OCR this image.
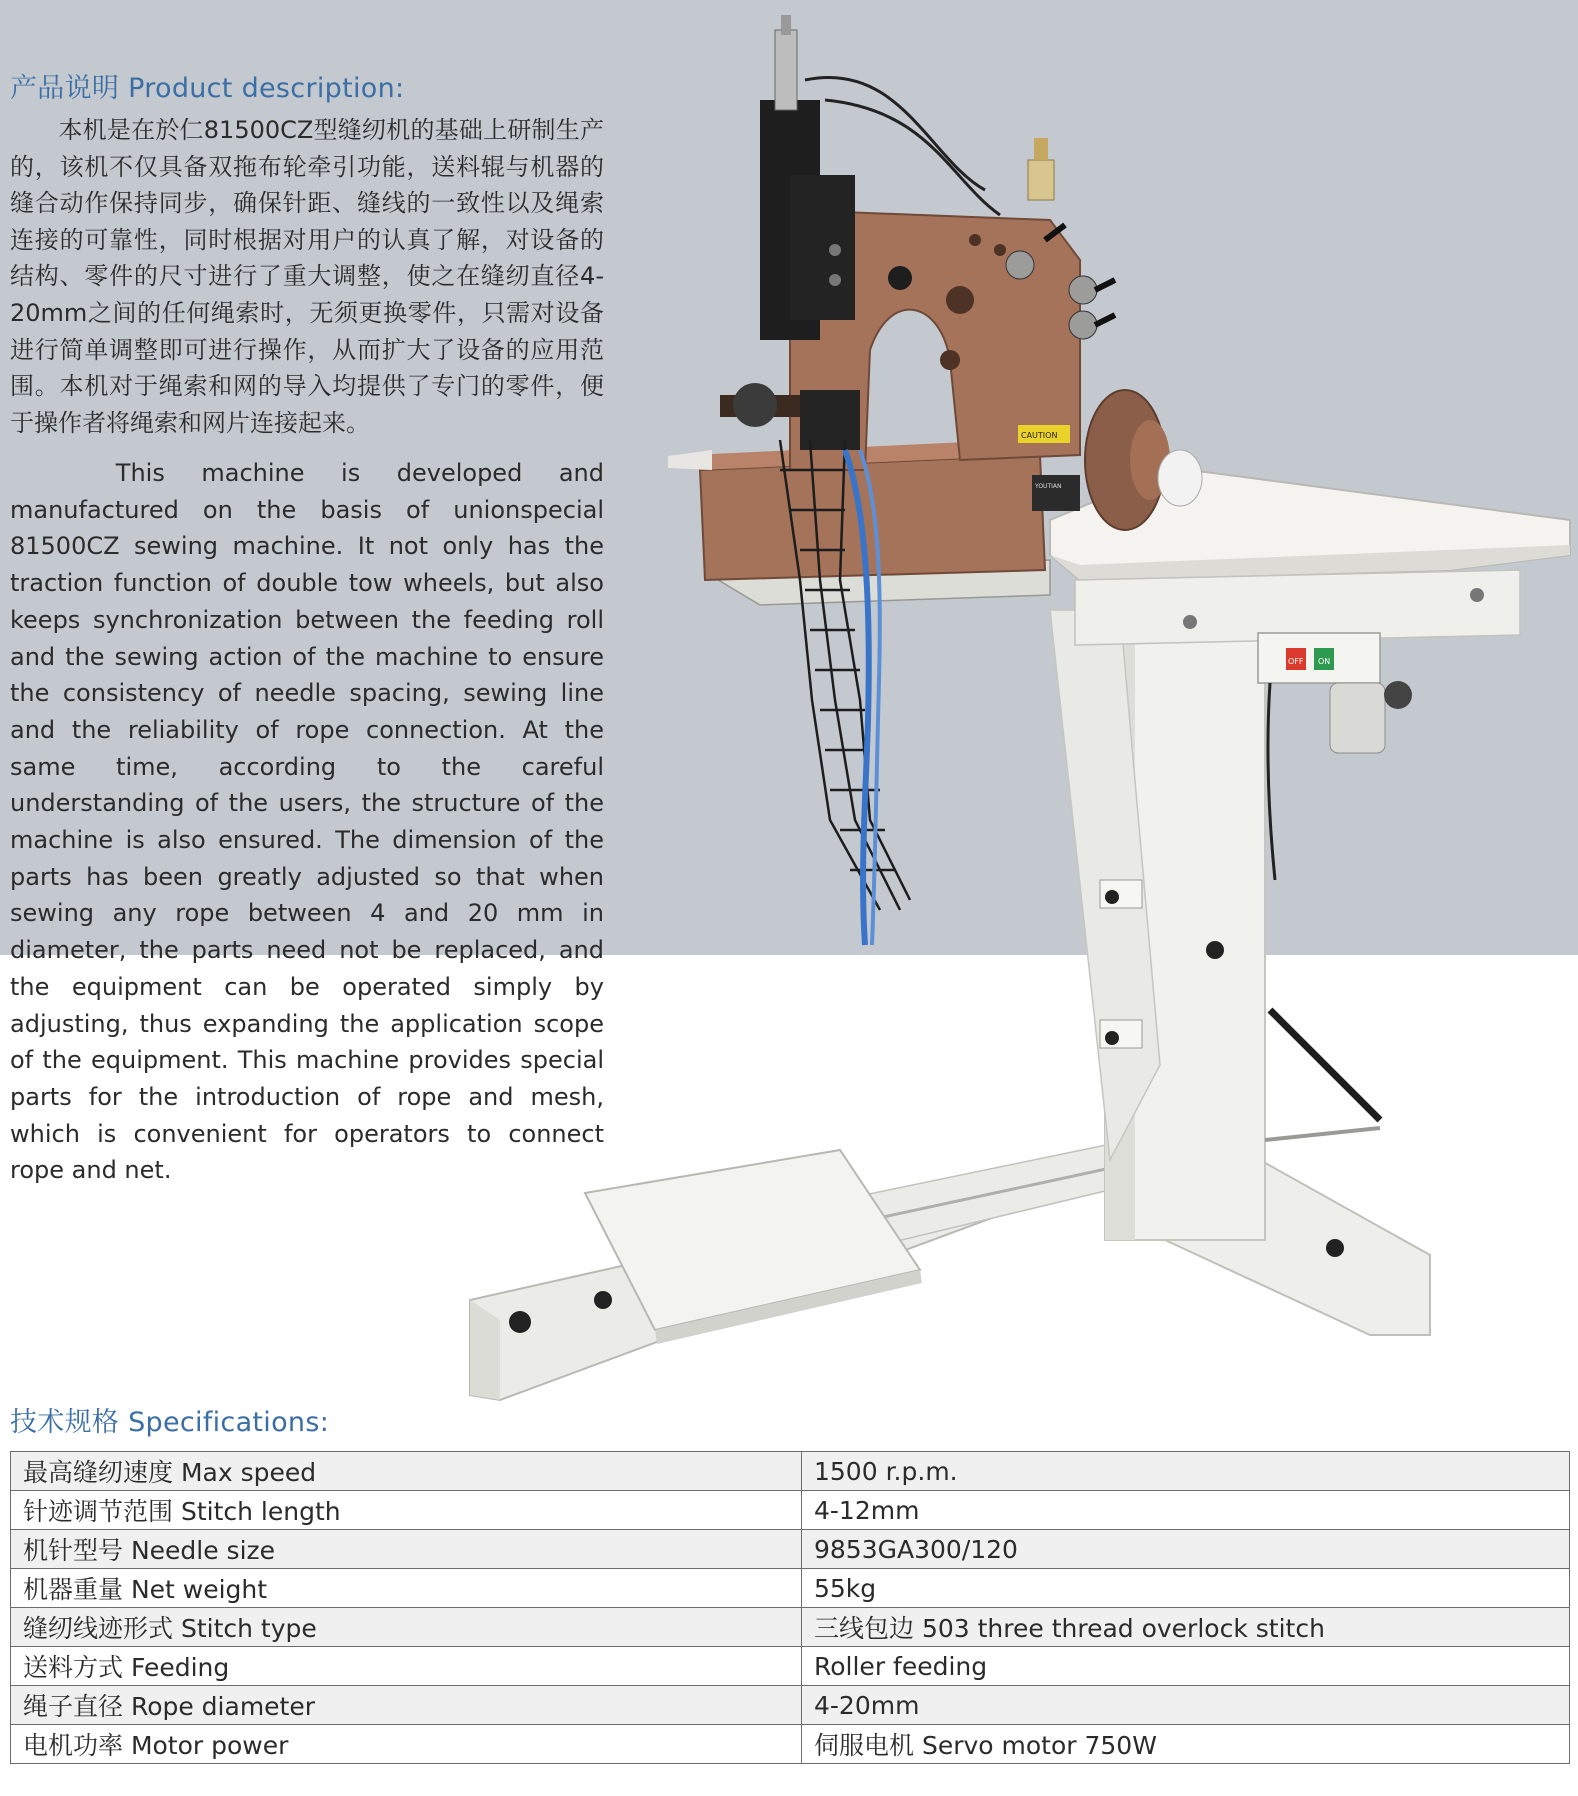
OFF ON
CAUTION
YOUTIAN
产品说明 Product description:

　　本机是在於仁81500CZ型缝纫机的基础上研制生产的，该机不仅具备双拖布轮牵引功能，送料辊与机器的缝合动作保持同步，确保针距、缝线的一致性以及绳索连接的可靠性，同时根据对用户的认真了解，对设备的结构、零件的尺寸进行了重大调整，使之在缝纫直径4-20mm之间的任何绳索时，无须更换零件，只需对设备进行简单调整即可进行操作，从而扩大了设备的应用范围。本机对于绳索和网的导入均提供了专门的零件，便于操作者将绳索和网片连接起来。

　　This machine is developed and manufactured on the basis of unionspecial 81500CZ sewing machine. It not only has the traction function of double tow wheels, but also keeps synchronization between the feeding roll and the sewing action of the machine to ensure the consistency of needle spacing, sewing line and the reliability of rope connection. At the same time, according to the careful understanding of the users, the structure of the machine is also ensured. The dimension of the parts has been greatly adjusted so that when sewing any rope between 4 and 20 mm in diameter, the parts need not be replaced, and the equipment can be operated simply by adjusting, thus expanding the application scope of the equipment. This machine provides special parts for the introduction of rope and mesh, which is convenient for operators to connect rope and net.

技术规格 Specifications:
最高缝纫速度 Max speed	1500 r.p.m.
针迹调节范围 Stitch length	4-12mm
机针型号 Needle size	9853GA300/120
机器重量 Net weight	55kg
缝纫线迹形式 Stitch type	三线包边 503 three thread overlock stitch
送料方式 Feeding	Roller feeding
绳子直径 Rope diameter	4-20mm
电机功率 Motor power	伺服电机 Servo motor 750W
